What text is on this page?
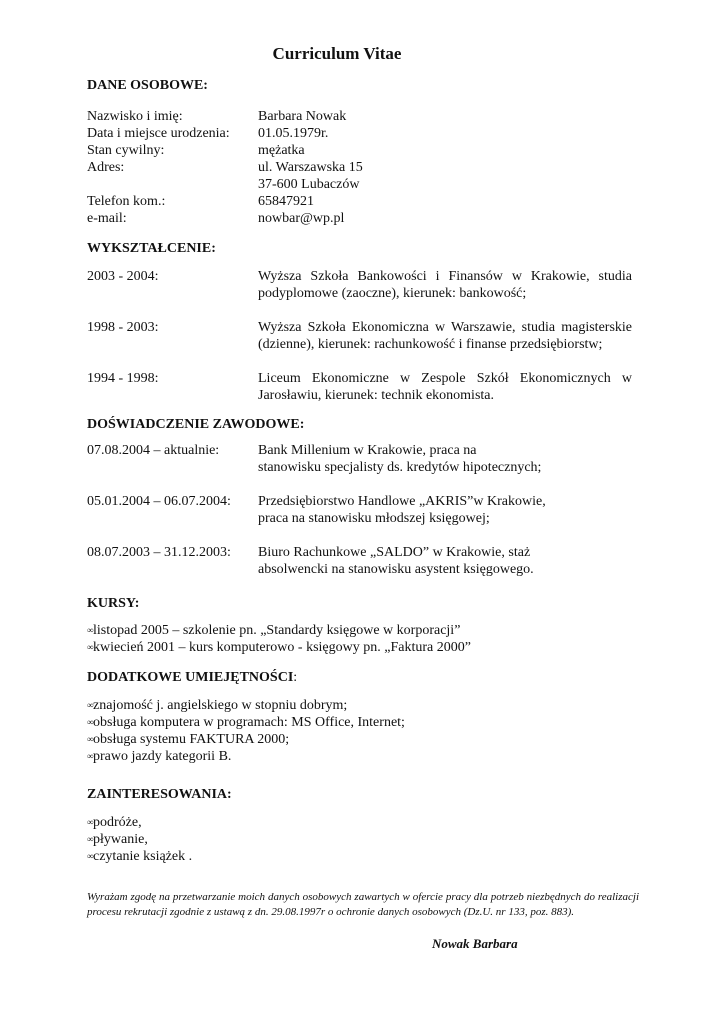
Curriculum Vitae
DANE OSOBOWE:
Nazwisko i imię:	Barbara Nowak
Data i miejsce urodzenia: 01.05.1979r.
Stan cywilny:	mężatka
Adres:	ul. Warszawska 15
37-600 Lubaczów
Telefon kom.:	65847921
e-mail:	nowbar@wp.pl
WYKSZTAŁCENIE:
2003 - 2004:	Wyższa Szkoła Bankowości i Finansów w Krakowie, studia podyplomowe (zaoczne), kierunek: bankowość;
1998 - 2003:	Wyższa Szkoła Ekonomiczna w Warszawie, studia magisterskie (dzienne), kierunek: rachunkowość i finanse przedsiębiorstw;
1994 - 1998:	Liceum Ekonomiczne w Zespole Szkół Ekonomicznych w Jarosławiu, kierunek: technik ekonomista.
DOŚWIADCZENIE ZAWODOWE:
07.08.2004 – aktualnie:	Bank Millenium w Krakowie, praca na
stanowisku specjalisty ds. kredytów hipotecznych;
05.01.2004 – 06.07.2004: Przedsiębiorstwo Handlowe „AKRIS”w Krakowie,
praca na stanowisku młodszej księgowej;
08.07.2003 – 31.12.2003: Biuro Rachunkowe „SALDO” w Krakowie, staż
absolwencki na stanowisku asystent księgowego.
KURSY:
∞listopad 2005 – szkolenie pn. „Standardy księgowe w korporacji”
∞kwiecień 2001 – kurs komputerowo - księgowy pn. „Faktura 2000”
DODATKOWE UMIEJĘTNOŚCI:
∞znajomość j. angielskiego w stopniu dobrym;
∞obsługa komputera w programach: MS Office, Internet;
∞obsługa systemu FAKTURA 2000;
∞prawo jazdy kategorii B.
ZAINTERESOWANIA:
∞podróże,
∞pływanie,
∞czytanie książek .
Wyrażam zgodę na przetwarzanie moich danych osobowych zawartych w ofercie pracy dla potrzeb niezbędnych do realizacji procesu rekrutacji zgodnie z ustawą z dn. 29.08.1997r o ochronie danych osobowych (Dz.U. nr 133, poz. 883).
Nowak Barbara
